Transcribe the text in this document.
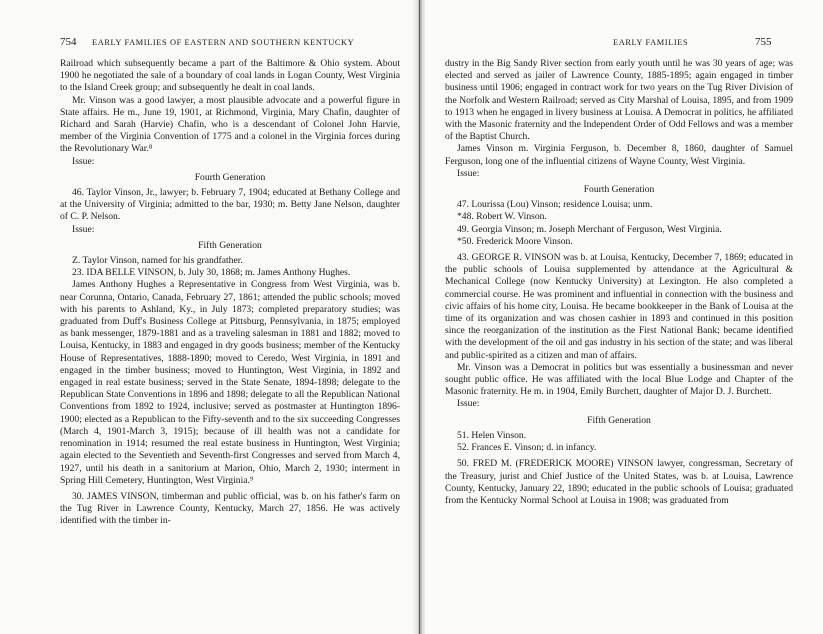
754 EARLY FAMILIES OF EASTERN AND SOUTHERN KENTUCKY

Railroad which subsequently became a part of the Baltimore & Ohio system. About 1900 he negotiated the sale of a boundary of coal lands in Logan County, West Virginia to the Island Creek group; and subsequently he dealt in coal lands.

Mr. Vinson was a good lawyer, a most plausible advocate and a powerful figure in State affairs. He m., June 19, 1901, at Richmond, Virginia, Mary Chafin, daughter of Richard and Sarah (Harvie) Chafin, who is a descendant of Colonel John Harvie, member of the Virginia Convention of 1775 and a colonel in the Virginia forces during the Revolutionary War.⁸

Issue:

Fourth Generation

46. Taylor Vinson, Jr., lawyer; b. February 7, 1904; educated at Bethany College and at the University of Virginia; admitted to the bar, 1930; m. Betty Jane Nelson, daughter of C. P. Nelson.

Issue:

Fifth Generation

Z. Taylor Vinson, named for his grandfather.

23. IDA BELLE VINSON, b. July 30, 1868; m. James Anthony Hughes.

James Anthony Hughes a Representative in Congress from West Virginia, was b. near Corunna, Ontario, Canada, February 27, 1861; attended the public schools; moved with his parents to Ashland, Ky., in July 1873; completed preparatory studies; was graduated from Duff's Business College at Pittsburg, Pennsylvania, in 1875; employed as bank messenger, 1879-1881 and as a traveling salesman in 1881 and 1882; moved to Louisa, Kentucky, in 1883 and engaged in dry goods business; member of the Kentucky House of Representatives, 1888-1890; moved to Ceredo, West Virginia, in 1891 and engaged in the timber business; moved to Huntington, West Virginia, in 1892 and engaged in real estate business; served in the State Senate, 1894-1898; delegate to the Republican State Conventions in 1896 and 1898; delegate to all the Republican National Conventions from 1892 to 1924, inclusive; served as postmaster at Huntington 1896-1900; elected as a Republican to the Fifty-seventh and to the six succeeding Congresses (March 4, 1901-March 3, 1915); because of ill health was not a candidate for renomination in 1914; resumed the real estate business in Huntington, West Virginia; again elected to the Seventieth and Seventh-first Congresses and served from March 4, 1927, until his death in a sanitorium at Marion, Ohio, March 2, 1930; interment in Spring Hill Cemetery, Huntington, West Virginia.⁹

30. JAMES VINSON, timberman and public official, was b. on his father's farm on the Tug River in Lawrence County, Kentucky, March 27, 1856. He was actively identified with the timber in-

EARLY FAMILIES	755

dustry in the Big Sandy River section from early youth until he was 30 years of age; was elected and served as jailer of Lawrence County, 1885-1895; again engaged in timber business until 1906; engaged in contract work for two years on the Tug River Division of the Norfolk and Western Railroad; served as City Marshal of Louisa, 1895, and from 1909 to 1913 when he engaged in livery business at Louisa. A Democrat in politics, he affiliated with the Masonic fraternity and the Independent Order of Odd Fellows and was a member of the Baptist Church.

James Vinson m. Virginia Ferguson, b. December 8, 1860, daughter of Samuel Ferguson, long one of the influential citizens of Wayne County, West Virginia.

Issue:

Fourth Generation

47. Lourissa (Lou) Vinson; residence Louisa; unm.

*48. Robert W. Vinson.

49. Georgia Vinson; m. Joseph Merchant of Ferguson, West Virginia.

*50. Frederick Moore Vinson.

43. GEORGE R. VINSON was b. at Louisa, Kentucky, December 7, 1869; educated in the public schools of Louisa supplemented by attendance at the Agricultural & Mechanical College (now Kentucky University) at Lexington. He also completed a commercial course. He was prominent and influential in connection with the business and civic affairs of his home city, Louisa. He became bookkeeper in the Bank of Louisa at the time of its organization and was chosen cashier in 1893 and continued in this position since the reorganization of the institution as the First National Bank; became identified with the development of the oil and gas industry in his section of the state; and was liberal and public-spirited as a citizen and man of affairs.

Mr. Vinson was a Democrat in politics but was essentially a businessman and never sought public office. He was affiliated with the local Blue Lodge and Chapter of the Masonic fraternity. He m. in 1904, Emily Burchett, daughter of Major D. J. Burchett.

Issue:

Fifth Generation

51. Helen Vinson.

52. Frances E. Vinson; d. in infancy.

50. FRED M. (FREDERICK MOORE) VINSON lawyer, congressman, Secretary of the Treasury, jurist and Chief Justice of the United States, was b. at Louisa, Lawrence County, Kentucky, January 22, 1890; educated in the public schools of Louisa; graduated from the Kentucky Normal School at Louisa in 1908; was graduated from
